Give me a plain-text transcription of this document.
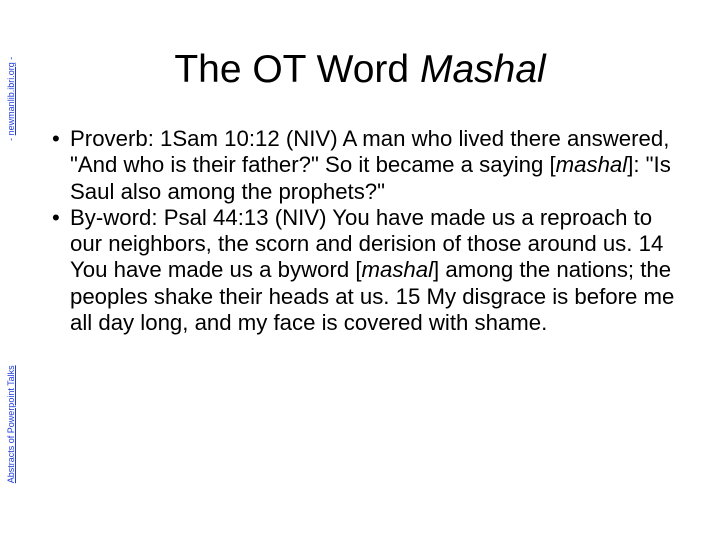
Abstracts of Powerpoint Talks - newmanlib.ibri.org -	The OT Word Mashal
• Proverb: 1Sam 10:12 (NIV) A man who lived there answered, "And who is their father?" So it became a saying [mashal]: "Is Saul also among the prophets?"
• By-word: Psal 44:13 (NIV) You have made us a reproach to our neighbors, the scorn and derision of those around us. 14 You have made us a byword [mashal] among the nations; the peoples shake their heads at us. 15 My disgrace is before me all day long, and my face is covered with shame.
